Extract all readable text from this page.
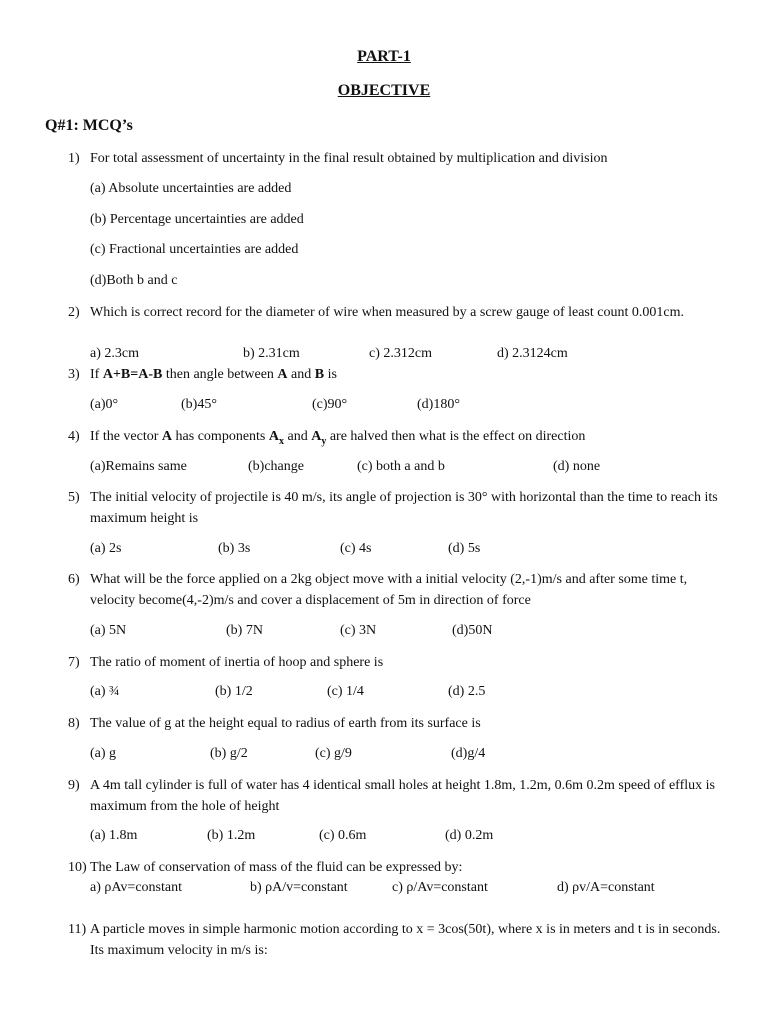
PART-1
OBJECTIVE
Q#1: MCQ’s
1) For total assessment of uncertainty in the final result obtained by multiplication and division
(a) Absolute uncertainties are added
(b) Percentage uncertainties are added
(c) Fractional uncertainties are added
(d)Both b and c
2) Which is correct record for the diameter of wire when measured by a screw gauge of least count 0.001cm.
a) 2.3cm	b) 2.31cm	c) 2.312cm	d) 2.3124cm
3) If A+B=A-B then angle between A and B is
(a)0°	(b)45°	(c)90°	(d)180°
4) If the vector A has components $A_x$ and $A_y$ are halved then what is the effect on direction
(a)Remains same	(b)change	(c) both a and b	(d) none
5) The initial velocity of projectile is 40 m/s, its angle of projection is 30° with horizontal than the time to reach its maximum height is
(a) 2s	(b) 3s	(c) 4s	(d) 5s
6) What will be the force applied on a 2kg object move with a initial velocity (2,-1)m/s and after some time t, velocity become(4,-2)m/s and cover a displacement of 5m in direction of force
(a) 5N	(b) 7N	(c) 3N	(d)50N
7) The ratio of moment of inertia of hoop and sphere is
(a) ¾	(b) 1/2	(c) 1/4	(d) 2.5
8) The value of g at the height equal to radius of earth from its surface is
(a) g	(b) g/2	(c) g/9	(d)g/4
9) A 4m tall cylinder is full of water has 4 identical small holes at height 1.8m, 1.2m, 0.6m 0.2m speed of efflux is maximum from the hole of height
(a) 1.8m	(b) 1.2m	(c) 0.6m	(d) 0.2m
10) The Law of conservation of mass of the fluid can be expressed by:
a) ρAv=constant	b) ρA/v=constant	c) ρ/Av=constant	d) ρv/A=constant
11) A particle moves in simple harmonic motion according to x = 3cos(50t), where x is in meters and t is in seconds. Its maximum velocity in m/s is:
